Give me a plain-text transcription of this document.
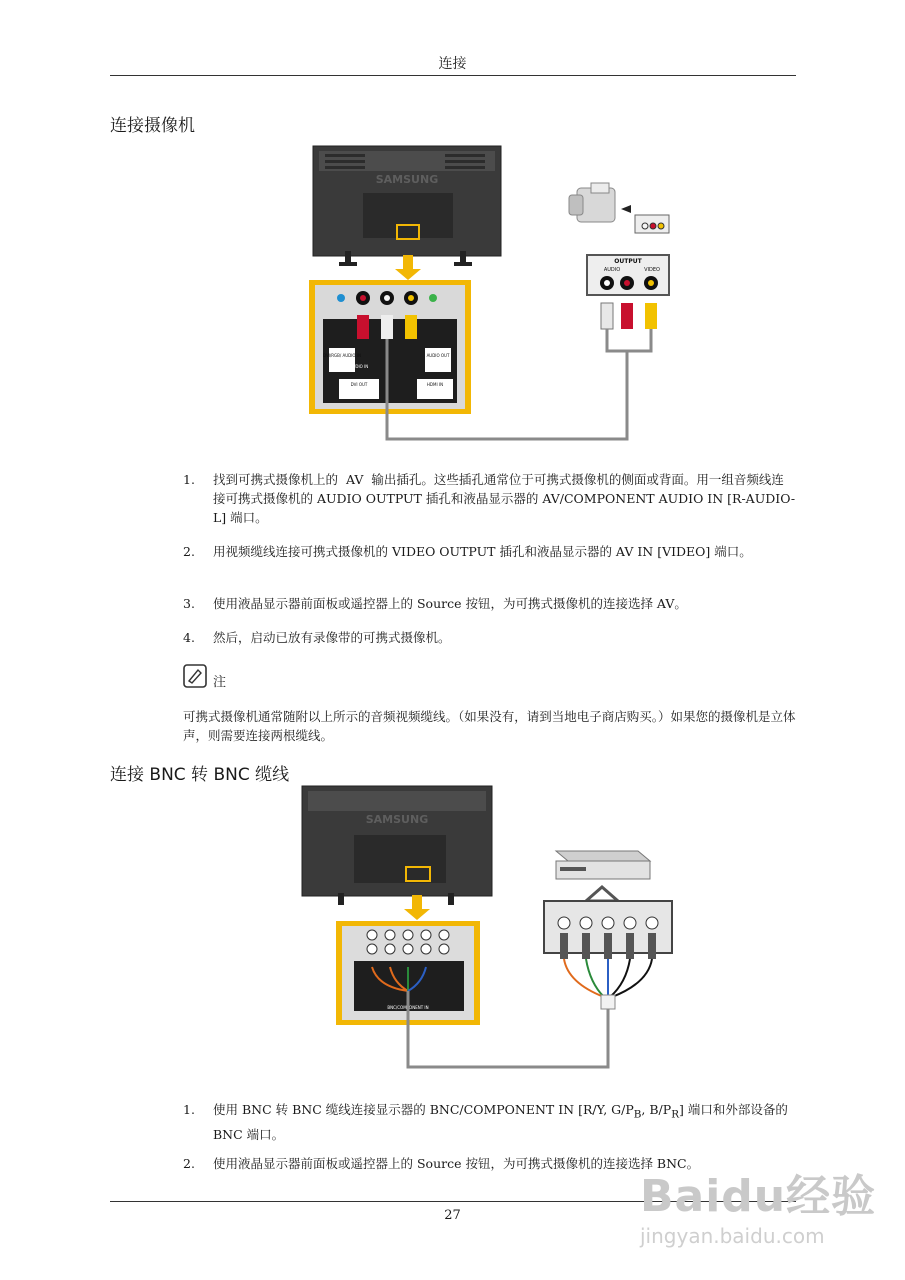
连接
连接摄像机
SAMSUNG
DVI/RGB/ AUDIO IN
AUDIO IN
AUDIO OUT
DVI OUT	HDMI IN
OUTPUT
AUDIO	VIDEO
1.	找到可携式摄像机上的  AV  输出插孔。这些插孔通常位于可携式摄像机的侧面或背面。用一组音频线连接可携式摄像机的 AUDIO OUTPUT 插孔和液晶显示器的 AV/COMPONENT AUDIO IN [R-AUDIO-L] 端口。
2.	用视频缆线连接可携式摄像机的 VIDEO OUTPUT 插孔和液晶显示器的 AV IN [VIDEO] 端口。
3.	使用液晶显示器前面板或遥控器上的 Source 按钮，为可携式摄像机的连接选择 AV。
4.	然后，启动已放有录像带的可携式摄像机。
注
可携式摄像机通常随附以上所示的音频视频缆线。（如果没有，请到当地电子商店购买。）如果您的摄像机是立体声，则需要连接两根缆线。
连接 BNC 转 BNC 缆线
SAMSUNG
BNC/COMPONENT IN
1.	使用 BNC 转 BNC 缆线连接显示器的 BNC/COMPONENT IN [R/Y, $G/P_B$, $B/P_R$] 端口和外部设备的 BNC 端口。
2.	使用液晶显示器前面板或遥控器上的 Source 按钮，为可携式摄像机的连接选择 BNC。
27	Baidu经验
jingyan.baidu.com
